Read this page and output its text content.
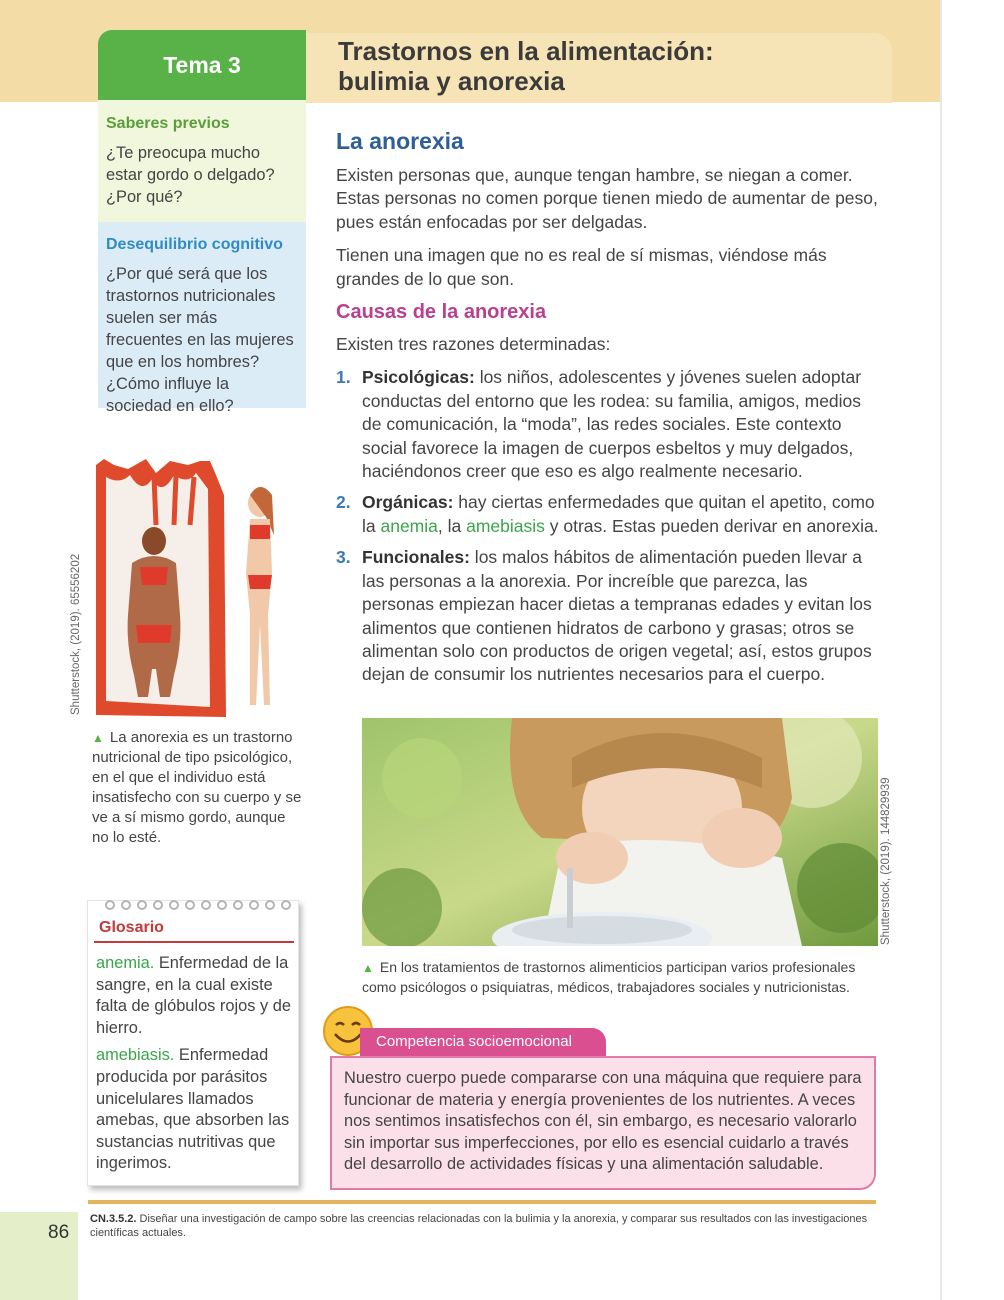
Tema 3	Trastornos en la alimentación:
bulimia y anorexia
Saberes previos
¿Te preocupa mucho estar gordo o delgado? ¿Por qué?
Desequilibrio cognitivo
¿Por qué será que los trastornos nutricionales suelen ser más frecuentes en las mujeres que en los hombres? ¿Cómo influye la sociedad en ello?
Shutterstock, (2019). 65556202
▲ La anorexia es un trastorno nutricional de tipo psicológico, en el que el individuo está insatisfecho con su cuerpo y se ve a sí mismo gordo, aunque no lo esté.
Glosario

anemia. Enfermedad de la sangre, en la cual existe falta de glóbulos rojos y de hierro.

amebiasis. Enfermedad producida por parásitos unicelulares llamados amebas, que absorben las sustancias nutritivas que ingerimos.

La anorexia

Existen personas que, aunque tengan hambre, se niegan a comer. Estas personas no comen porque tienen miedo de aumentar de peso, pues están enfocadas por ser delgadas.

Tienen una imagen que no es real de sí mismas, viéndose más grandes de lo que son.

Causas de la anorexia

Existen tres razones determinadas:

1. Psicológicas: los niños, adolescentes y jóvenes suelen adoptar conductas del entorno que les rodea: su familia, amigos, medios de comunicación, la “moda”, las redes sociales. Este contexto social favorece la imagen de cuerpos esbeltos y muy delgados, haciéndonos creer que eso es algo realmente necesario.
2. Orgánicas: hay ciertas enfermedades que quitan el apetito, como la anemia, la amebiasis y otras. Estas pueden derivar en anorexia.
3. Funcionales: los malos hábitos de alimentación pueden llevar a las personas a la anorexia. Por increíble que parezca, las personas empiezan hacer dietas a tempranas edades y evitan los alimentos que contienen hidratos de carbono y grasas; otros se alimentan solo con productos de origen vegetal; así, estos grupos dejan de consumir los nutrientes necesarios para el cuerpo.
Shutterstock, (2019). 144829939
▲ En los tratamientos de trastornos alimenticios participan varios profesionales como psicólogos o psiquiatras, médicos, trabajadores sociales y nutricionistas.
Competencia socioemocional
Nuestro cuerpo puede compararse con una máquina que requiere para funcionar de materia y energía provenientes de los nutrientes. A veces nos sentimos insatisfechos con él, sin embargo, es necesario valorarlo sin importar sus imperfecciones, por ello es esencial cuidarlo a través del desarrollo de actividades físicas y una alimentación saludable.
CN.3.5.2. Diseñar una investigación de campo sobre las creencias relacionadas con la bulimia y la anorexia, y comparar sus resultados con las investigaciones científicas actuales.
86
